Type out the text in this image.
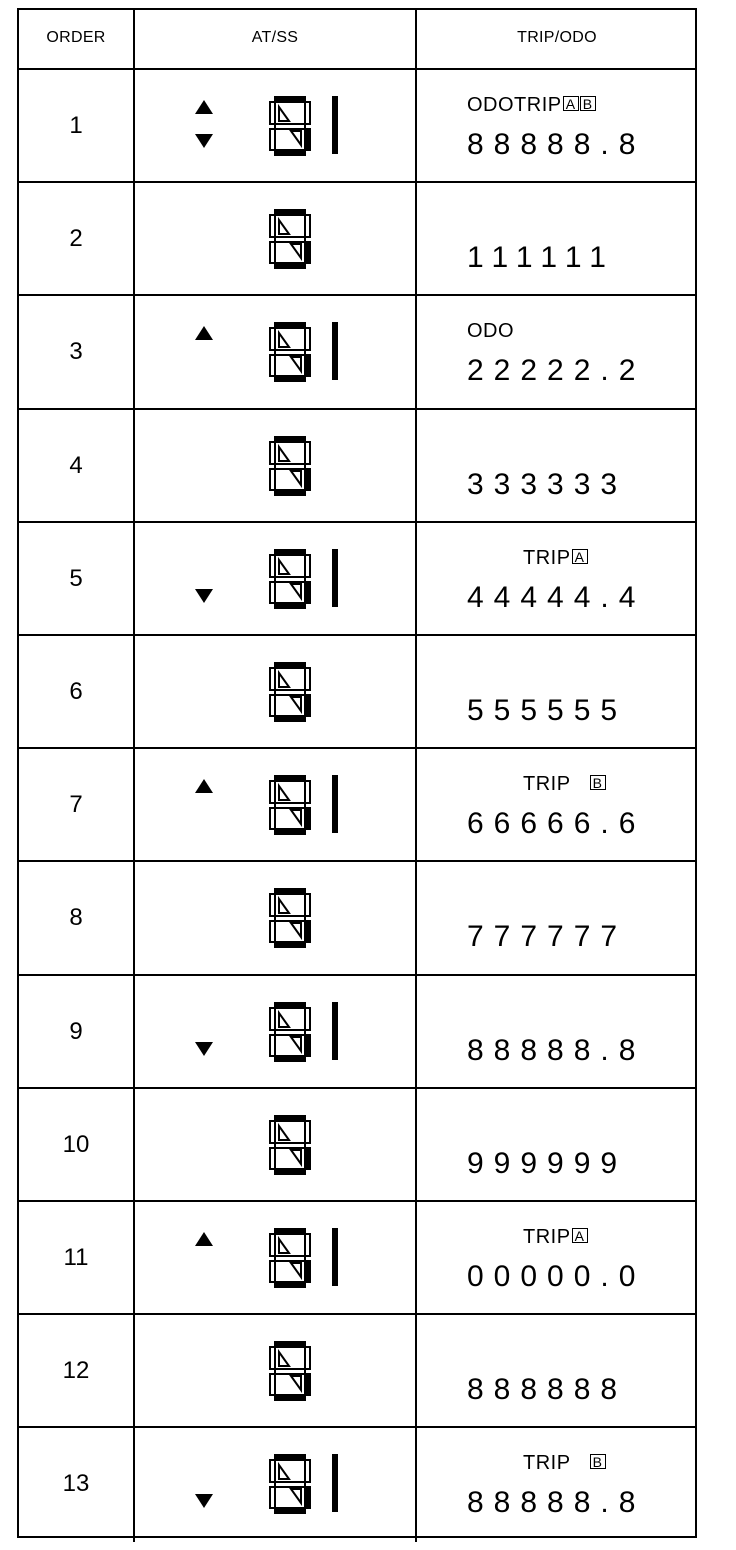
ORDER	AT/SS	TRIP/ODO
1
ODOTRIP A B
88888.8
2
111111
3
ODO
22222.2
4
333333
5
TRIP A
44444.4
6
555555
7
TRIP B
66666.6
8
777777
9
88888.8
10
999999
11
TRIP A
00000.0
12
888888
13
TRIP B
88888.8
